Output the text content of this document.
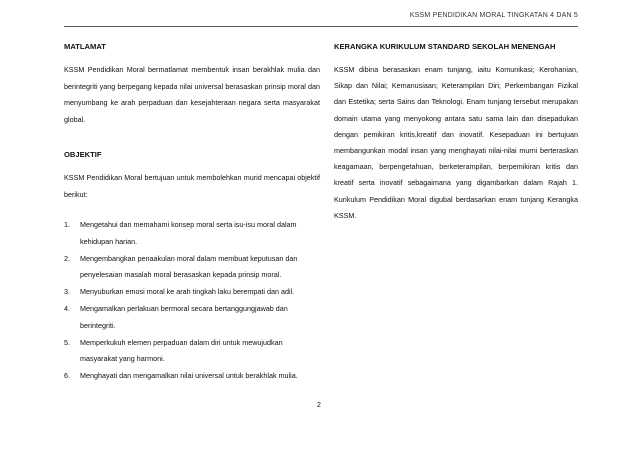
KSSM PENDIDIKAN MORAL TINGKATAN 4 DAN 5
MATLAMAT

KSSM Pendidikan Moral bermatlamat membentuk insan berakhlak mulia dan berintegriti yang berpegang kepada nilai universal berasaskan prinsip moral dan menyumbang ke arah perpaduan dan kesejahteraan negara serta masyarakat global.

OBJEKTIF

KSSM Pendidikan Moral bertujuan untuk membolehkan murid mencapai objektif berikut:

1.	Mengetahui dan memahami konsep moral serta isu-isu moral dalam kehidupan harian.
2.	Mengembangkan penaakulan moral dalam membuat keputusan dan penyelesaian masalah moral berasaskan kepada prinsip moral.
3.	Menyuburkan emosi moral ke arah tingkah laku berempati dan adil.
4.	Mengamalkan perlakuan bermoral secara bertanggungjawab dan berintegriti.
5.	Memperkukuh elemen perpaduan dalam diri untuk mewujudkan masyarakat yang harmoni.
6.	Menghayati dan mengamalkan nilai universal untuk berakhlak mulia.
KERANGKA KURIKULUM STANDARD SEKOLAH MENENGAH

KSSM dibina berasaskan enam tunjang, iaitu Komunikasi; Kerohanian, Sikap dan Nilai; Kemanusiaan; Keterampilan Diri; Perkembangan Fizikal dan Estetika; serta Sains dan Teknologi. Enam tunjang tersebut merupakan domain utama yang menyokong antara satu sama lain dan disepadukan dengan pemikiran kritis,kreatif dan inovatif. Kesepaduan ini bertujuan membangunkan modal insan yang menghayati nilai-nilai murni berteraskan keagamaan, berpengetahuan, berketerampilan, berpemikiran kritis dan kreatif serta inovatif sebagaimana yang digambarkan dalam Rajah 1. Kurikulum Pendidikan Moral digubal berdasarkan enam tunjang Kerangka KSSM.

2
